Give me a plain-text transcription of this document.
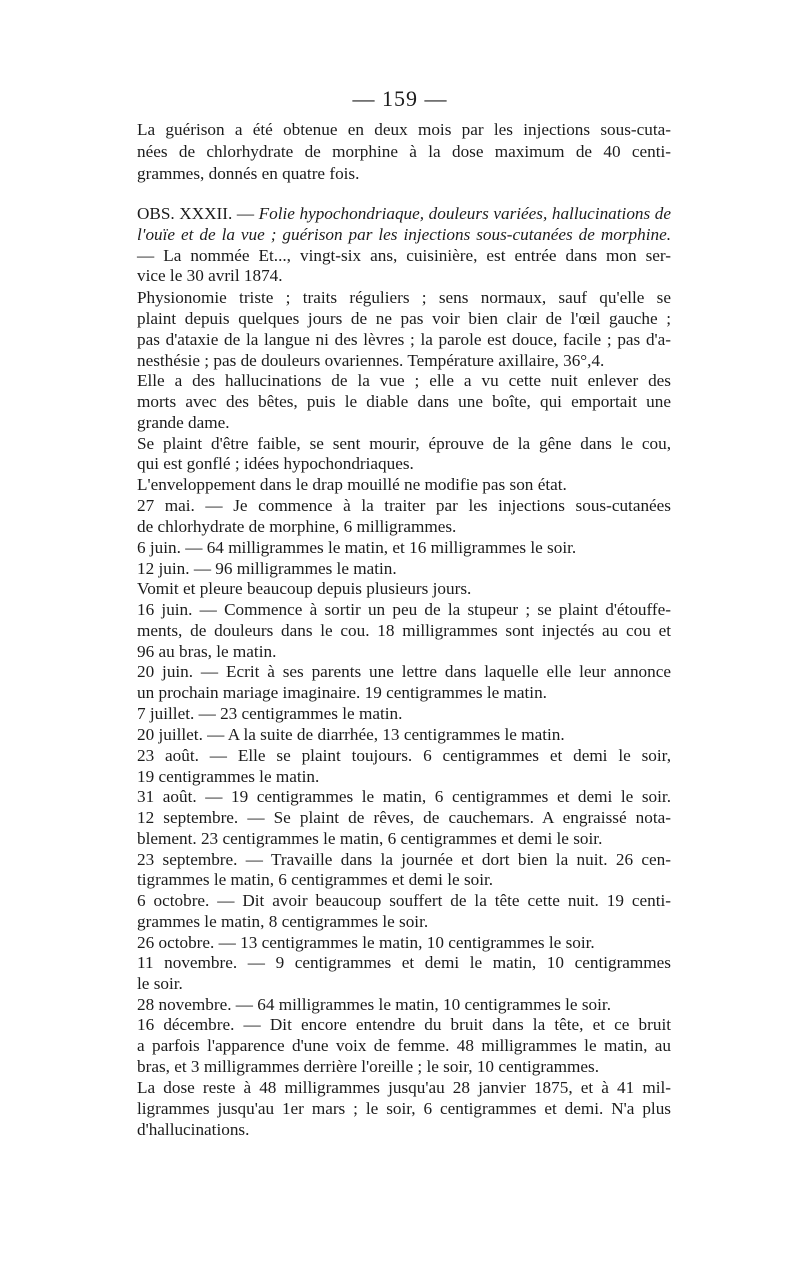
— 159 —
La guérison a été obtenue en deux mois par les injections sous-cuta-
nées de chlorhydrate de morphine à la dose maximum de 40 centi-
grammes, donnés en quatre fois.
OBS. XXXII. — Folie hypochondriaque, douleurs variées, hallucinations de
l'ouïe et de la vue ; guérison par les injections sous-cutanées de morphine.
— La nommée Et..., vingt-six ans, cuisinière, est entrée dans mon ser-
vice le 30 avril 1874.
Physionomie triste ; traits réguliers ; sens normaux, sauf qu'elle se
plaint depuis quelques jours de ne pas voir bien clair de l'œil gauche ;
pas d'ataxie de la langue ni des lèvres ; la parole est douce, facile ; pas d'a-
nesthésie ; pas de douleurs ovariennes. Température axillaire, 36°,4.
Elle a des hallucinations de la vue ; elle a vu cette nuit enlever des
morts avec des bêtes, puis le diable dans une boîte, qui emportait une
grande dame.
Se plaint d'être faible, se sent mourir, éprouve de la gêne dans le cou,
qui est gonflé ; idées hypochondriaques.
L'enveloppement dans le drap mouillé ne modifie pas son état.
27 mai. — Je commence à la traiter par les injections sous-cutanées
de chlorhydrate de morphine, 6 milligrammes.
6 juin. — 64 milligrammes le matin, et 16 milligrammes le soir.
12 juin. — 96 milligrammes le matin.
Vomit et pleure beaucoup depuis plusieurs jours.
16 juin. — Commence à sortir un peu de la stupeur ; se plaint d'étouffe-
ments, de douleurs dans le cou. 18 milligrammes sont injectés au cou et
96 au bras, le matin.
20 juin. — Ecrit à ses parents une lettre dans laquelle elle leur annonce
un prochain mariage imaginaire. 19 centigrammes le matin.
7 juillet. — 23 centigrammes le matin.
20 juillet. — A la suite de diarrhée, 13 centigrammes le matin.
23 août. — Elle se plaint toujours. 6 centigrammes et demi le soir,
19 centigrammes le matin.
31 août. — 19 centigrammes le matin, 6 centigrammes et demi le soir.
12 septembre. — Se plaint de rêves, de cauchemars. A engraissé nota-
blement. 23 centigrammes le matin, 6 centigrammes et demi le soir.
23 septembre. — Travaille dans la journée et dort bien la nuit. 26 cen-
tigrammes le matin, 6 centigrammes et demi le soir.
6 octobre. — Dit avoir beaucoup souffert de la tête cette nuit. 19 centi-
grammes le matin, 8 centigrammes le soir.
26 octobre. — 13 centigrammes le matin, 10 centigrammes le soir.
11 novembre. — 9 centigrammes et demi le matin, 10 centigrammes
le soir.
28 novembre. — 64 milligrammes le matin, 10 centigrammes le soir.
16 décembre. — Dit encore entendre du bruit dans la tête, et ce bruit
a parfois l'apparence d'une voix de femme. 48 milligrammes le matin, au
bras, et 3 milligrammes derrière l'oreille ; le soir, 10 centigrammes.
La dose reste à 48 milligrammes jusqu'au 28 janvier 1875, et à 41 mil-
ligrammes jusqu'au 1er mars ; le soir, 6 centigrammes et demi. N'a plus
d'hallucinations.
